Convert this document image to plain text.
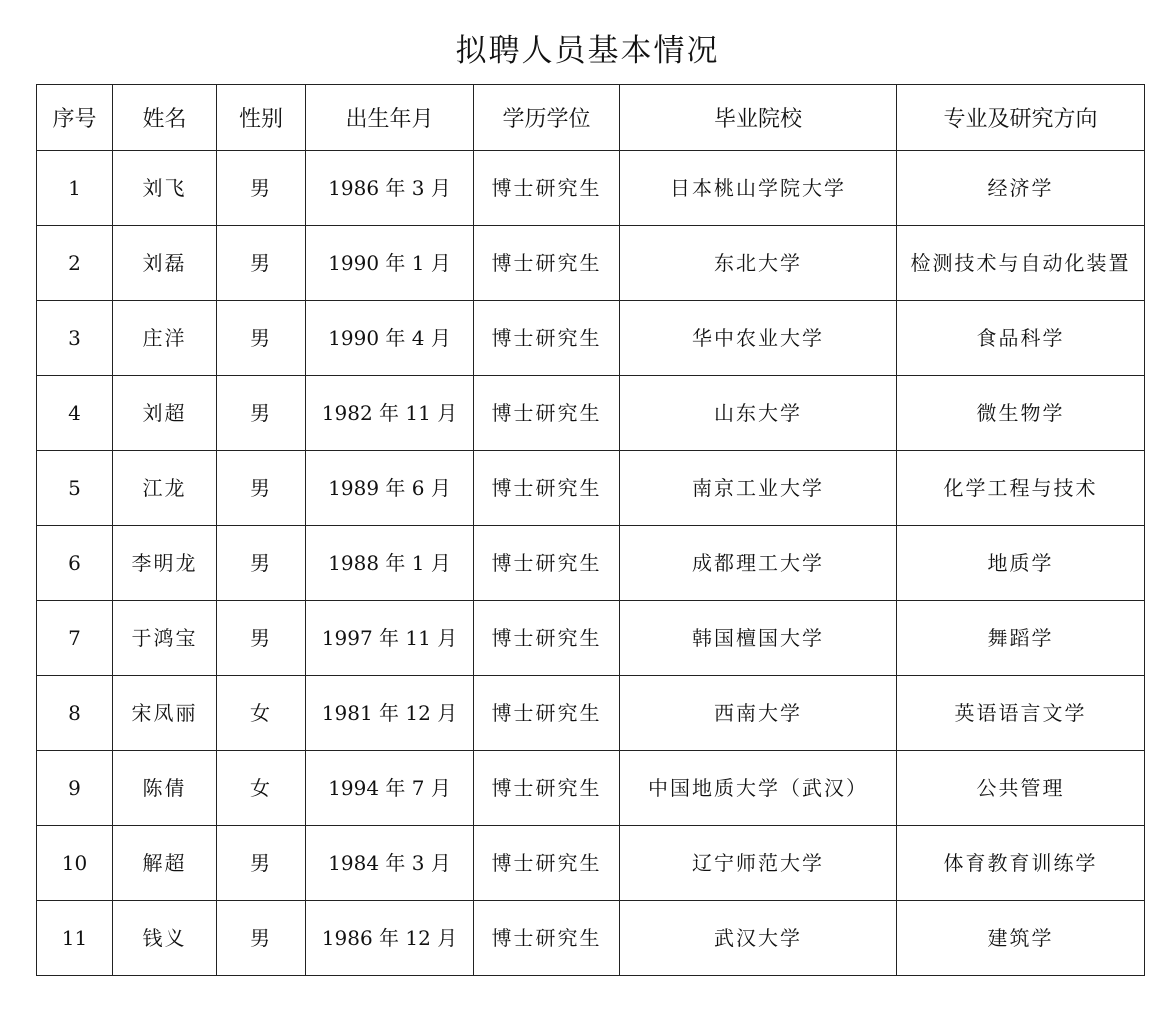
拟聘人员基本情况
序号	姓名	性别	出生年月	学历学位	毕业院校	专业及研究方向
1	刘飞	男	1986 年 3 月	博士研究生	日本桃山学院大学	经济学
2	刘磊	男	1990 年 1 月	博士研究生	东北大学	检测技术与自动化装置
3	庄洋	男	1990 年 4 月	博士研究生	华中农业大学	食品科学
4	刘超	男	1982 年 11 月	博士研究生	山东大学	微生物学
5	江龙	男	1989 年 6 月	博士研究生	南京工业大学	化学工程与技术
6	李明龙	男	1988 年 1 月	博士研究生	成都理工大学	地质学
7	于鸿宝	男	1997 年 11 月	博士研究生	韩国檀国大学	舞蹈学
8	宋凤丽	女	1981 年 12 月	博士研究生	西南大学	英语语言文学
9	陈倩	女	1994 年 7 月	博士研究生	中国地质大学（武汉）	公共管理
10	解超	男	1984 年 3 月	博士研究生	辽宁师范大学	体育教育训练学
11	钱义	男	1986 年 12 月	博士研究生	武汉大学	建筑学
